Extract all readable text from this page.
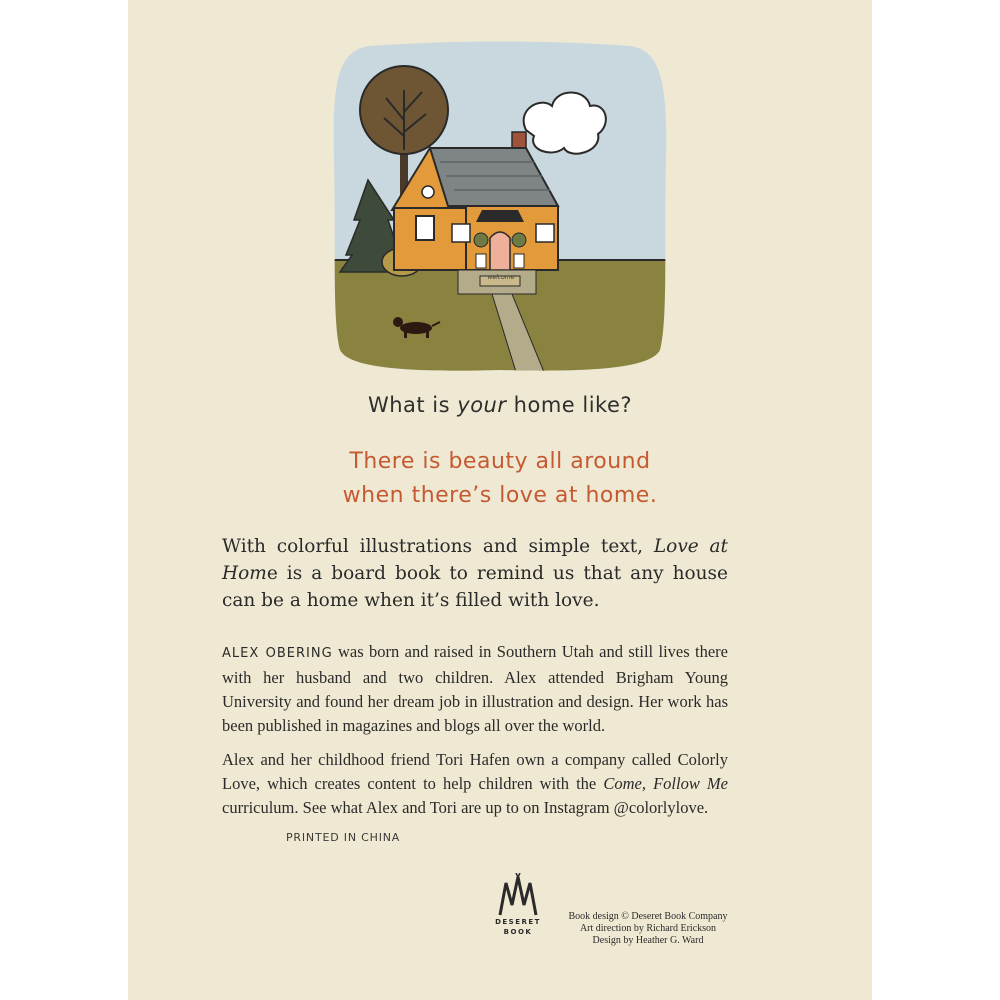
welcome
What is your home like?
There is beauty all around
when there’s love at home.
With colorful illustrations and simple text, Love at Home is a board book to remind us that any house can be a home when it’s filled with love.

ALEX OBERING was born and raised in Southern Utah and still lives there with her husband and two children. Alex attended Brigham Young University and found her dream job in illustration and design. Her work has been published in magazines and blogs all over the world.

Alex and her childhood friend Tori Hafen own a company called Colorly Love, which creates content to help children with the Come, Follow Me curriculum. See what Alex and Tori are up to on Instagram @colorlylove.

PRINTED IN CHINA
DESERET
BOOK
Book design © Deseret Book Company
Art direction by Richard Erickson
Design by Heather G. Ward
